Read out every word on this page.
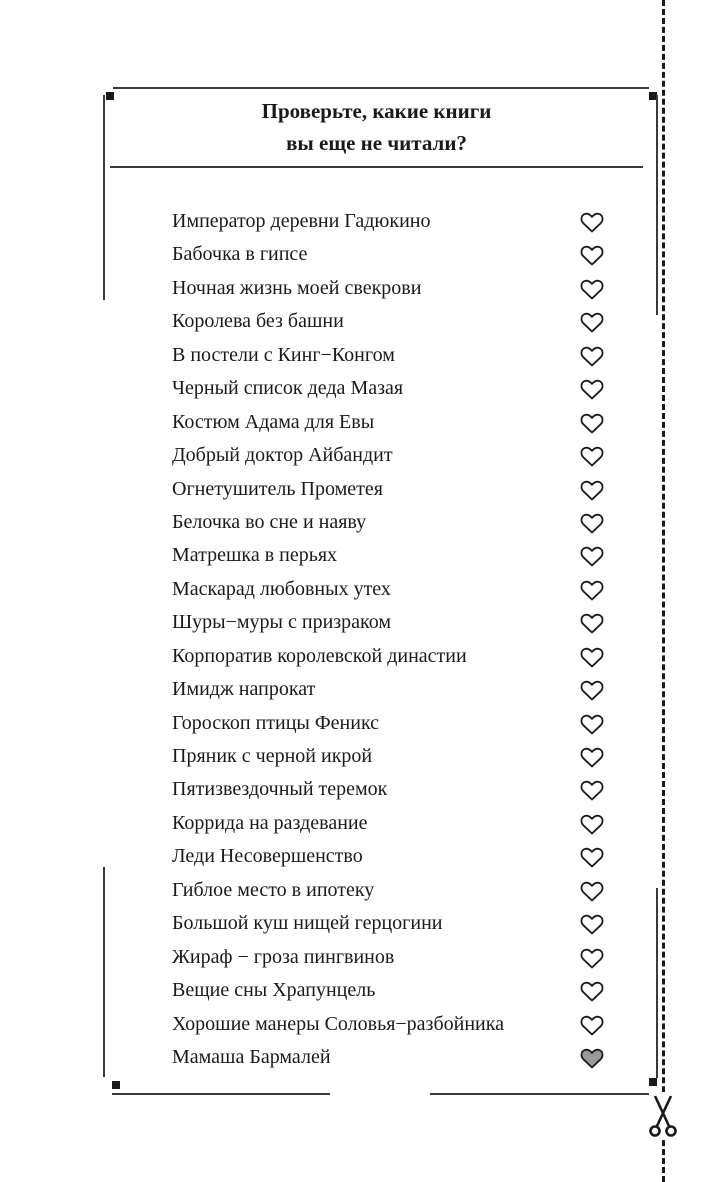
Проверьте, какие книги
вы еще не читали?
Император деревни Гадюкино
Бабочка в гипсе
Ночная жизнь моей свекрови
Королева без башни
В постели с Кинг−Конгом
Черный список деда Мазая
Костюм Адама для Евы
Добрый доктор Айбандит
Огнетушитель Прометея
Белочка во сне и наяву
Матрешка в перьях
Маскарад любовных утех
Шуры−муры с призраком
Корпоратив королевской династии
Имидж напрокат
Гороскоп птицы Феникс
Пряник с черной икрой
Пятизвездочный теремок
Коррида на раздевание
Леди Несовершенство
Гиблое место в ипотеку
Большой куш нищей герцогини
Жираф − гроза пингвинов
Вещие сны Храпунцель
Хорошие манеры Соловья−разбойника
Мамаша Бармалей
